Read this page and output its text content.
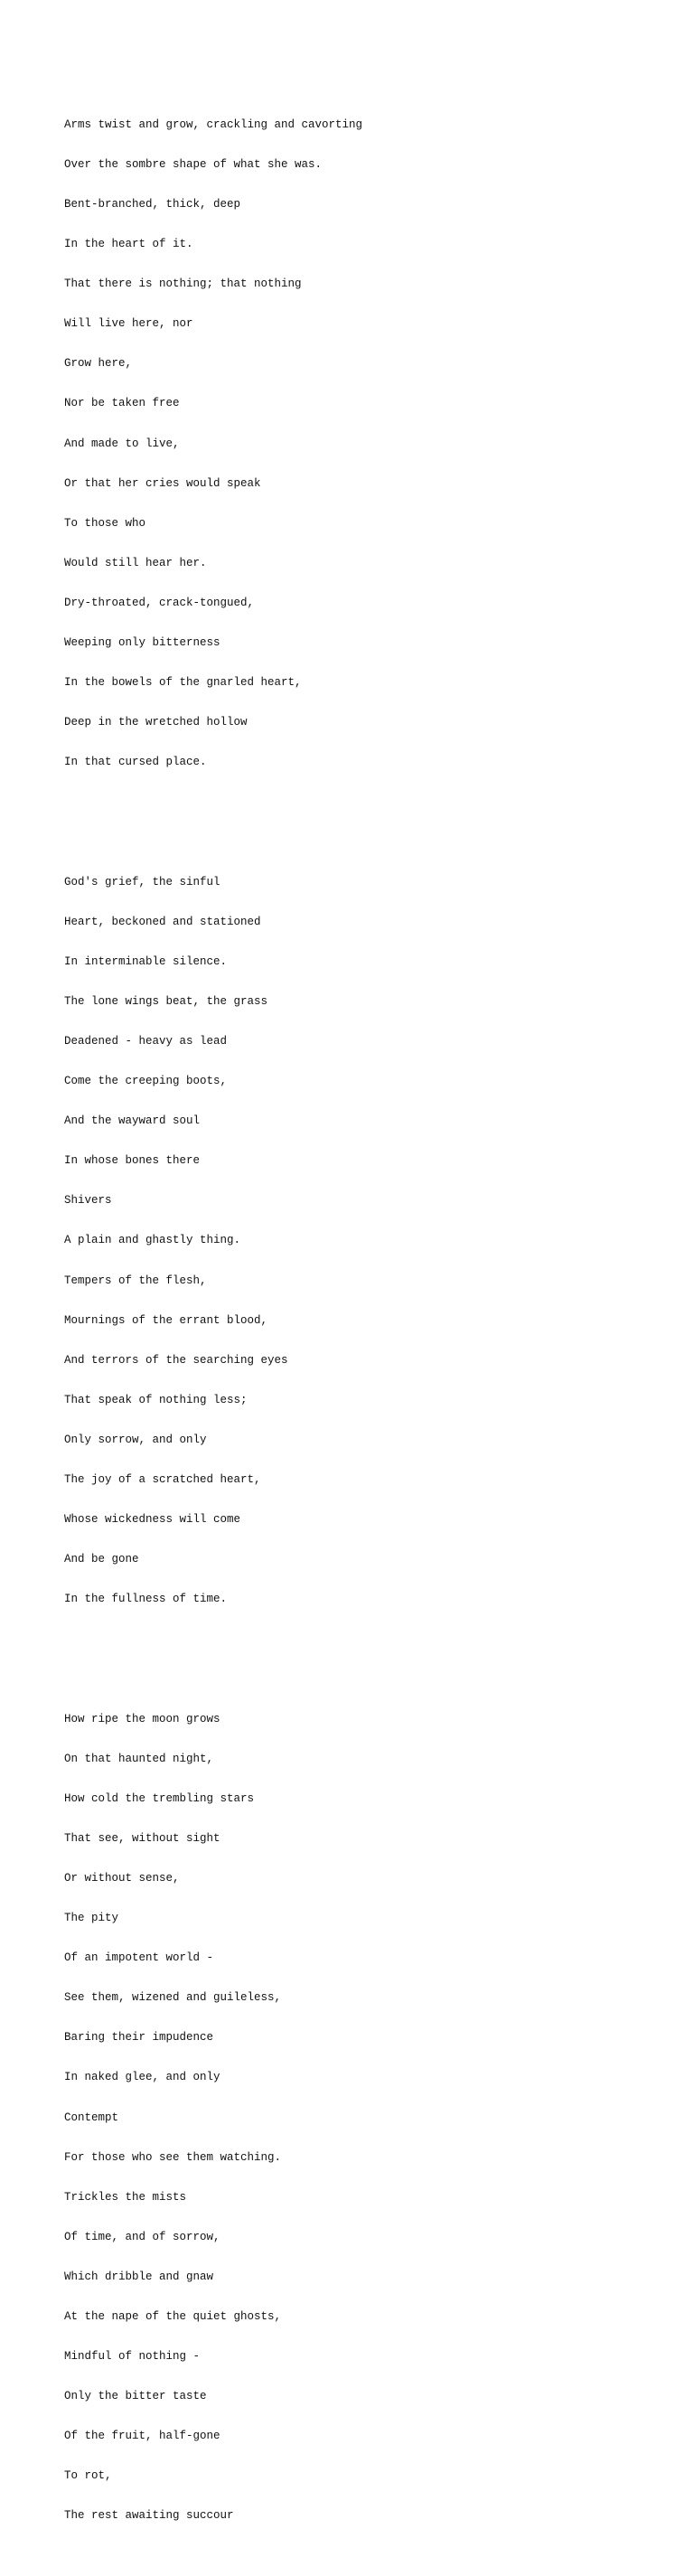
Arms twist and grow, crackling and cavorting

Over the sombre shape of what she was.

Bent-branched, thick, deep

In the heart of it.

That there is nothing; that nothing

Will live here, nor

Grow here,

Nor be taken free

And made to live,

Or that her cries would speak

To those who

Would still hear her.

Dry-throated, crack-tongued,

Weeping only bitterness

In the bowels of the gnarled heart,

Deep in the wretched hollow

In that cursed place.

God's grief, the sinful

Heart, beckoned and stationed

In interminable silence.

The lone wings beat, the grass

Deadened - heavy as lead

Come the creeping boots,

And the wayward soul

In whose bones there

Shivers

A plain and ghastly thing.

Tempers of the flesh,

Mournings of the errant blood,

And terrors of the searching eyes

That speak of nothing less;

Only sorrow, and only

The joy of a scratched heart,

Whose wickedness will come

And be gone

In the fullness of time.

How ripe the moon grows

On that haunted night,

How cold the trembling stars

That see, without sight

Or without sense,

The pity

Of an impotent world -

See them, wizened and guileless,

Baring their impudence

In naked glee, and only

Contempt

For those who see them watching.

Trickles the mists

Of time, and of sorrow,

Which dribble and gnaw

At the nape of the quiet ghosts,

Mindful of nothing -

Only the bitter taste

Of the fruit, half-gone

To rot,

The rest awaiting succour
